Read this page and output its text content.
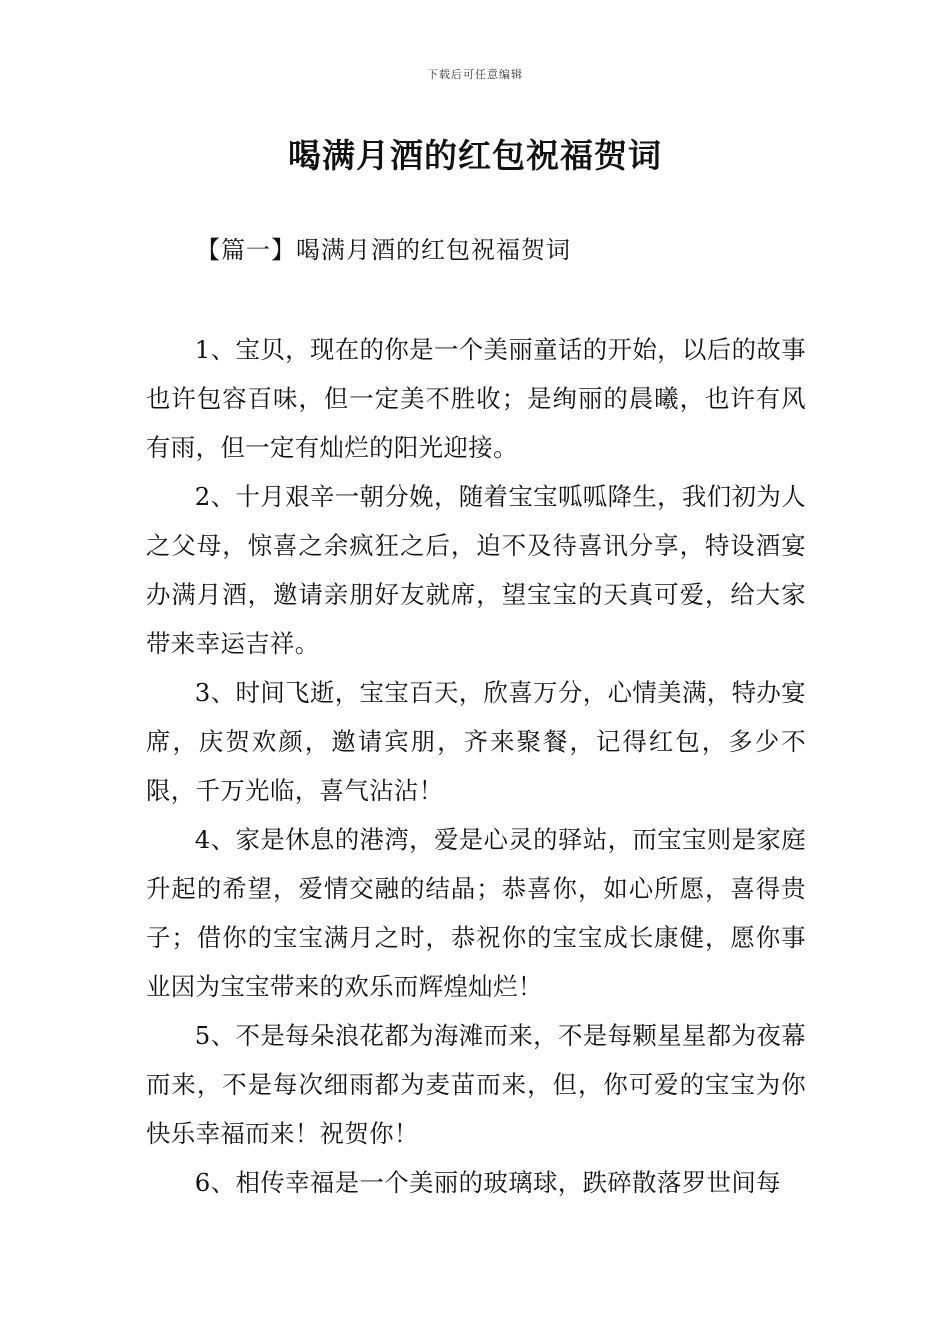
下载后可任意编辑
喝满月酒的红包祝福贺词
【篇一】喝满月酒的红包祝福贺词

1、宝贝，现在的你是一个美丽童话的开始，以后的故事也许包容百味，但一定美不胜收；是绚丽的晨曦，也许有风有雨，但一定有灿烂的阳光迎接。

2、十月艰辛一朝分娩，随着宝宝呱呱降生，我们初为人之父母，惊喜之余疯狂之后，迫不及待喜讯分享，特设酒宴办满月酒，邀请亲朋好友就席，望宝宝的天真可爱，给大家带来幸运吉祥。

3、时间飞逝，宝宝百天，欣喜万分，心情美满，特办宴席，庆贺欢颜，邀请宾朋，齐来聚餐，记得红包，多少不限，千万光临，喜气沾沾！

4、家是休息的港湾，爱是心灵的驿站，而宝宝则是家庭升起的希望，爱情交融的结晶；恭喜你，如心所愿，喜得贵子；借你的宝宝满月之时，恭祝你的宝宝成长康健，愿你事业因为宝宝带来的欢乐而辉煌灿烂！

5、不是每朵浪花都为海滩而来，不是每颗星星都为夜幕而来，不是每次细雨都为麦苗而来，但，你可爱的宝宝为你快乐幸福而来！祝贺你！

6、相传幸福是一个美丽的玻璃球，跌碎散落罗世间每
